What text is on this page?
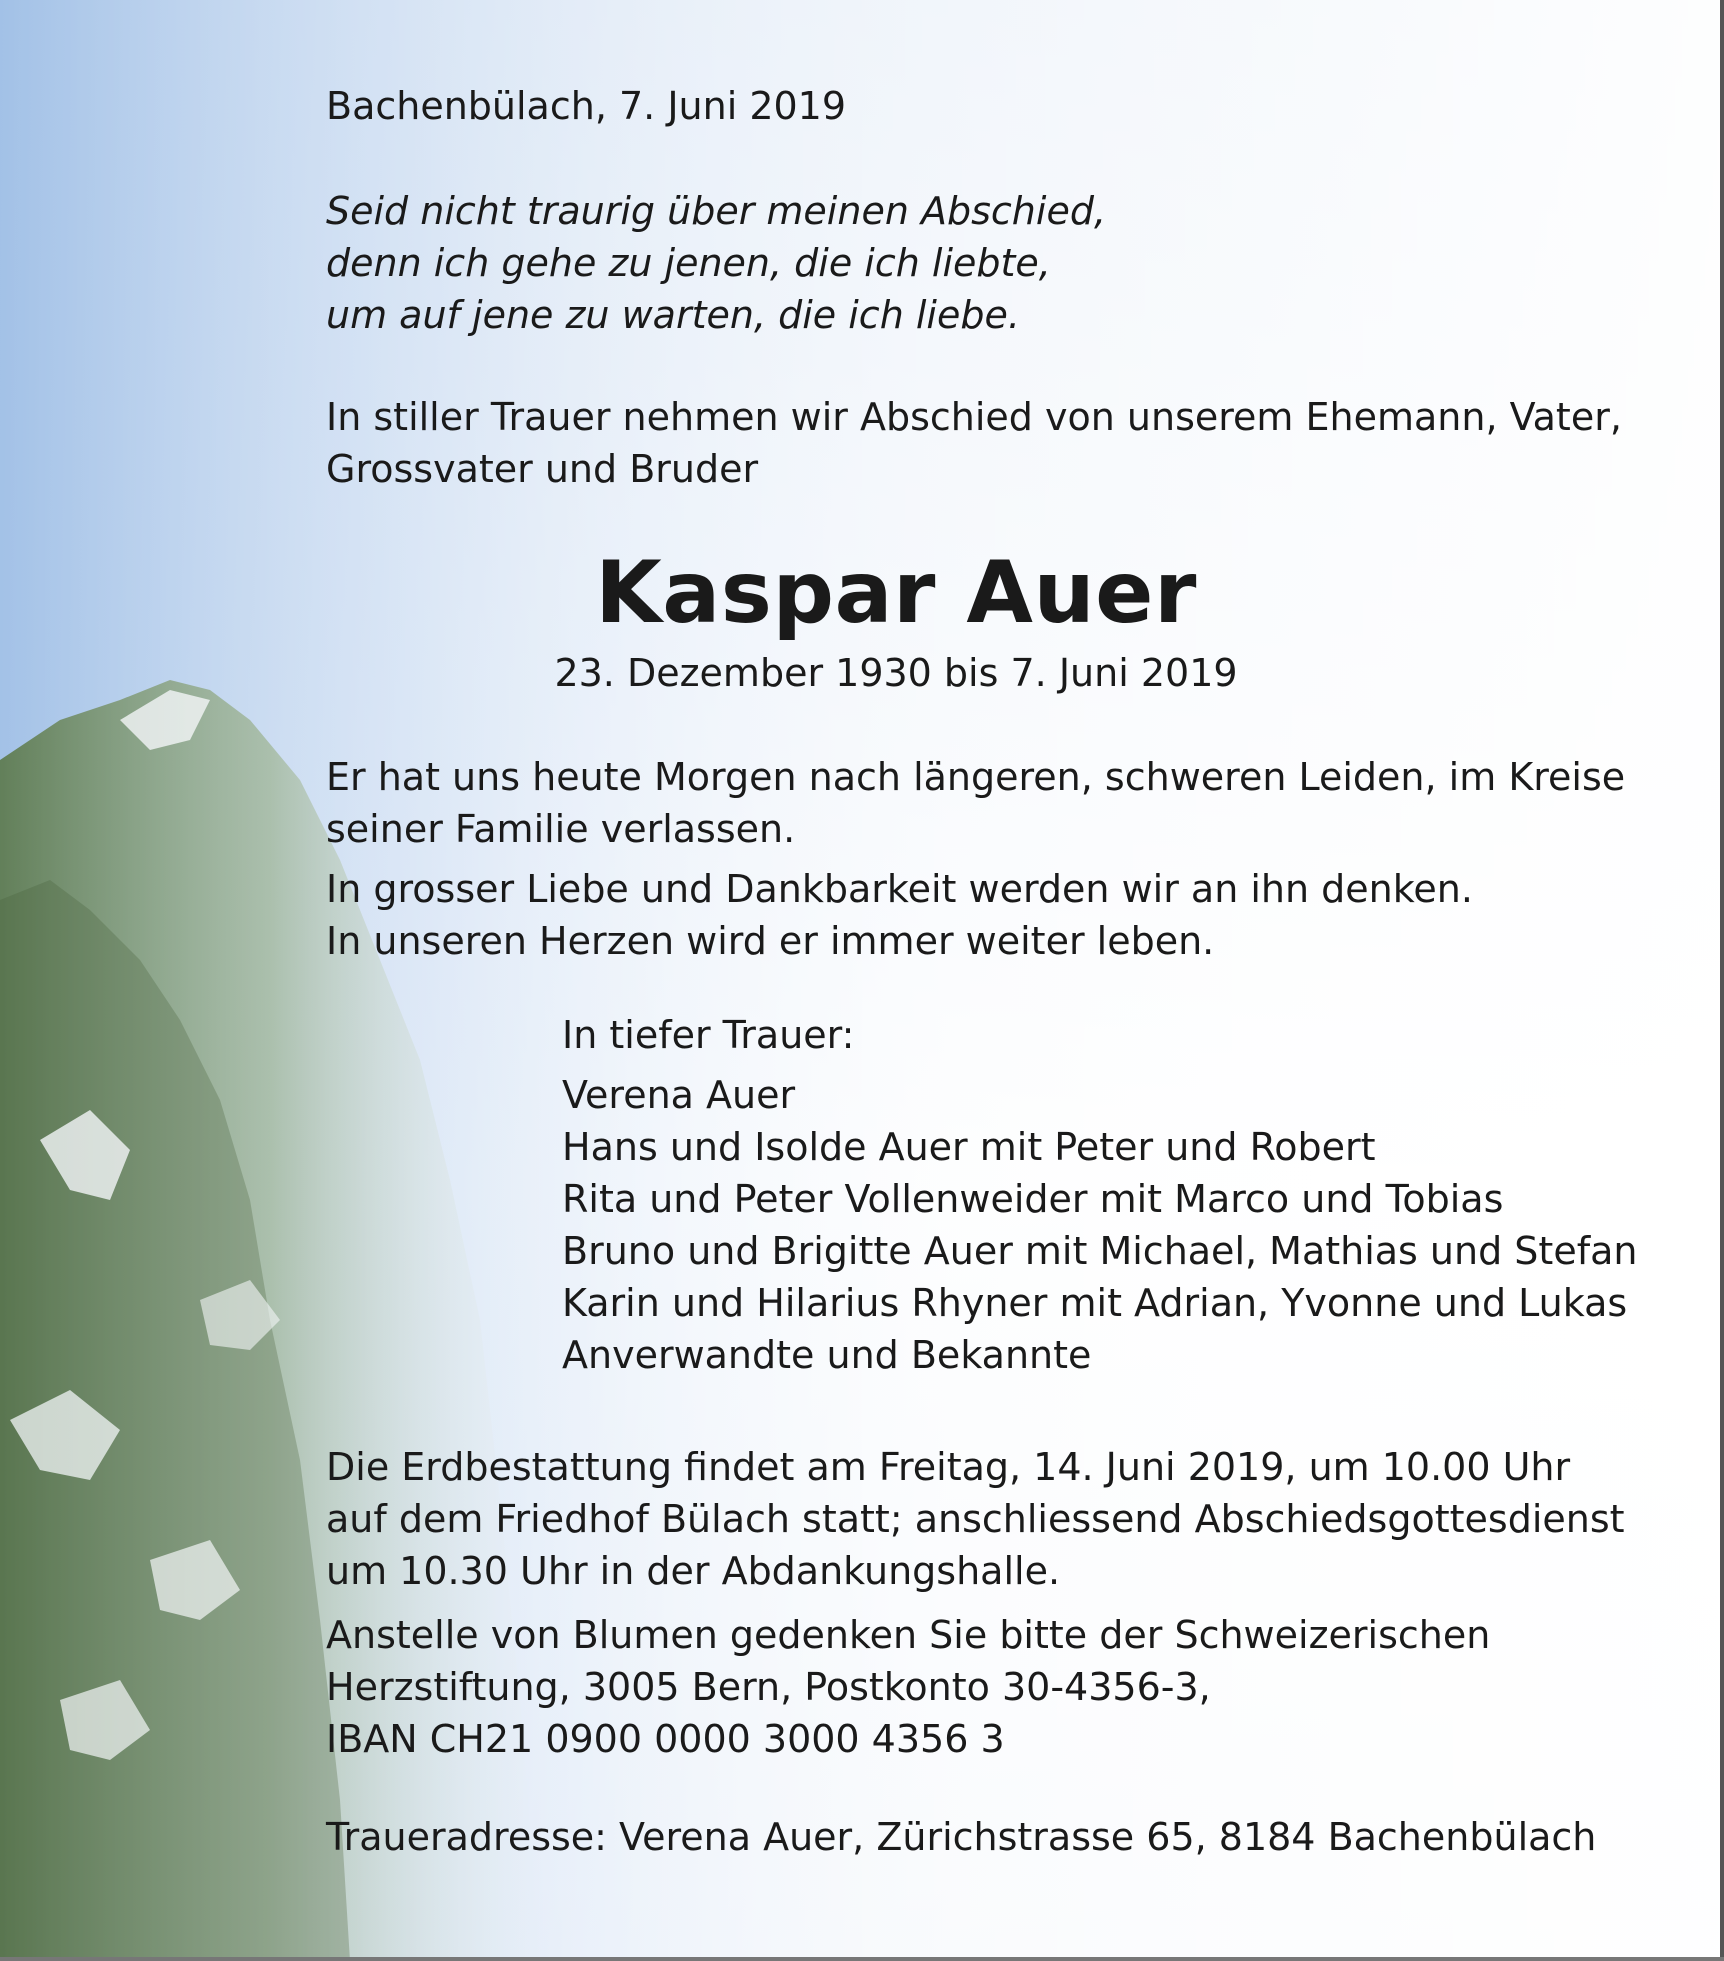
Bachenbülach, 7. Juni 2019

Seid nicht traurig über meinen Abschied,

denn ich gehe zu jenen, die ich liebte,

um auf jene zu warten, die ich liebe.

In stiller Trauer nehmen wir Abschied von unserem Ehemann, Vater,

Grossvater und Bruder

Kaspar Auer

23. Dezember 1930 bis 7. Juni 2019

Er hat uns heute Morgen nach längeren, schweren Leiden, im Kreise

seiner Familie verlassen.

In grosser Liebe und Dankbarkeit werden wir an ihn denken.

In unseren Herzen wird er immer weiter leben.

In tiefer Trauer:

Verena Auer

Hans und Isolde Auer mit Peter und Robert

Rita und Peter Vollenweider mit Marco und Tobias

Bruno und Brigitte Auer mit Michael, Mathias und Stefan

Karin und Hilarius Rhyner mit Adrian, Yvonne und Lukas

Anverwandte und Bekannte

Die Erdbestattung findet am Freitag, 14. Juni 2019, um 10.00 Uhr

auf dem Friedhof Bülach statt; anschliessend Abschiedsgottesdienst

um 10.30 Uhr in der Abdankungshalle.

Anstelle von Blumen gedenken Sie bitte der Schweizerischen

Herzstiftung, 3005 Bern, Postkonto 30-4356-3,

IBAN CH21 0900 0000 3000 4356 3

Traueradresse: Verena Auer, Zürichstrasse 65, 8184 Bachenbülach
